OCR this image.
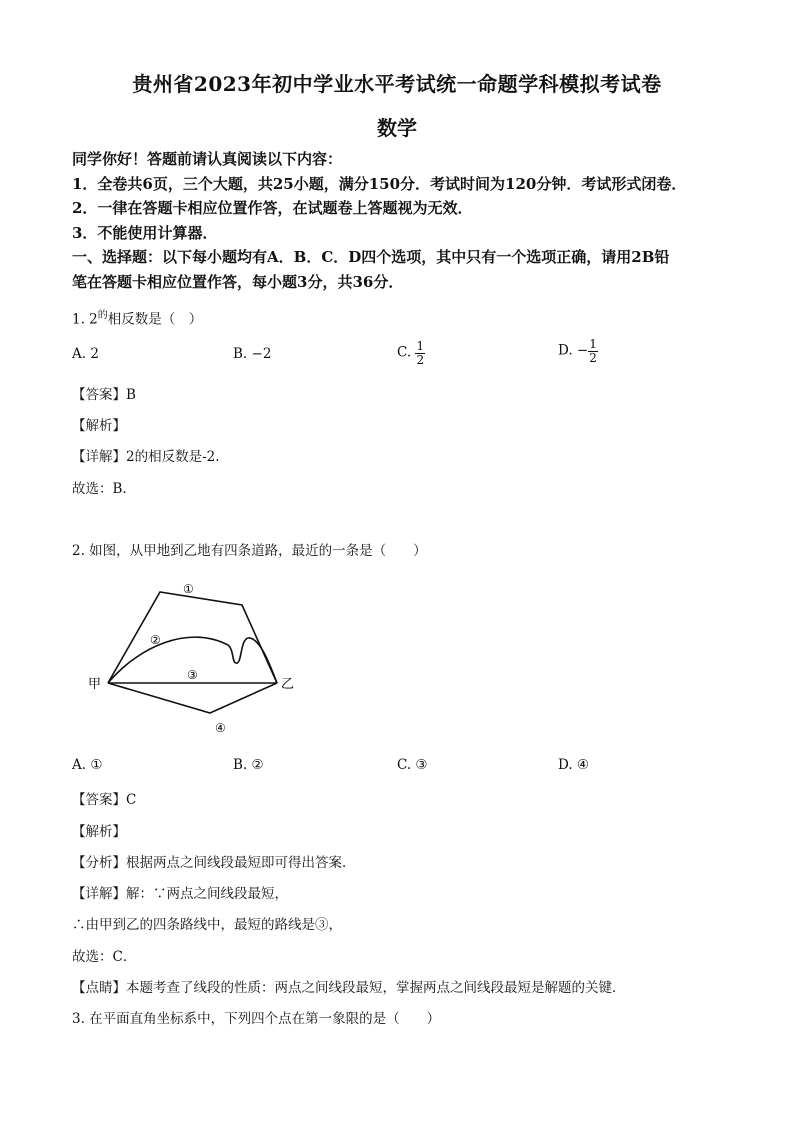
贵州省2023年初中学业水平考试统一命题学科模拟考试卷
数学
同学你好！答题前请认真阅读以下内容：
1．全卷共6页，三个大题，共25小题，满分150分．考试时间为120分钟．考试形式闭卷．
2．一律在答题卡相应位置作答，在试题卷上答题视为无效．
3．不能使用计算器．
一、选择题：以下每小题均有A．B．C．D四个选项，其中只有一个选项正确，请用2B铅
笔在答题卡相应位置作答，每小题3分，共36分．
1. $2^的$相反数是（　）
A. 2	B. −2	C. $\frac{1}{2}$	D. − $\frac{1}{2}$
【答案】B
【解析】
【详解】2的相反数是-2.
故选：B.
2. 如图，从甲地到乙地有四条道路，最近的一条是（　　）
甲	乙
①
②
③
④
A. ①	B. ②	C. ③	D. ④
【答案】C
【解析】
【分析】根据两点之间线段最短即可得出答案．
【详解】解：∵两点之间线段最短，
∴由甲到乙的四条路线中，最短的路线是③，
故选：C．
【点睛】本题考查了线段的性质：两点之间线段最短，掌握两点之间线段最短是解题的关键．
3. 在平面直角坐标系中，下列四个点在第一象限的是（　　）
